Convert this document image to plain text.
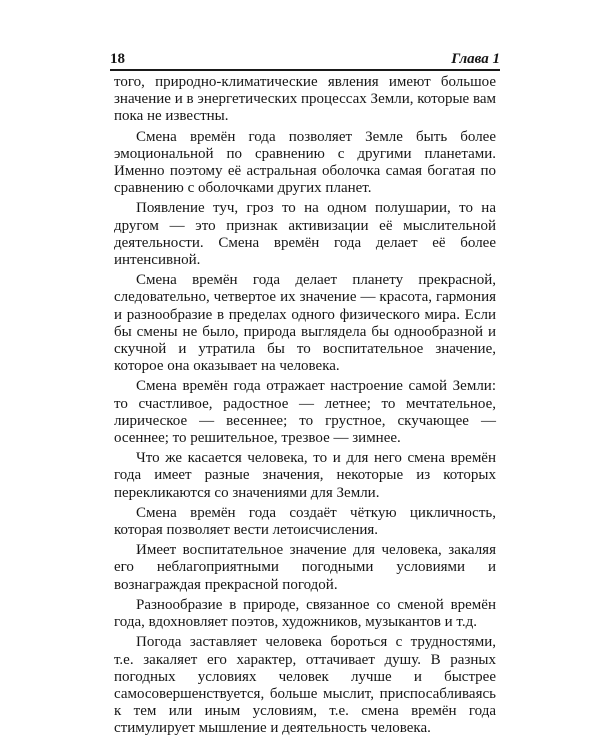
18	Глава 1

того, природно-климатические явления имеют большое значение и в энергетических процессах Земли, которые вам пока не известны.

Смена времён года позволяет Земле быть более эмоциональной по сравнению с другими планетами. Именно поэтому её астральная оболочка самая богатая по сравнению с оболочками других планет.

Появление туч, гроз то на одном полушарии, то на другом — это признак активизации её мыслительной деятельности. Смена времён года делает её более интенсивной.

Смена времён года делает планету прекрасной, следовательно, четвертое их значение — красота, гармония и разнообразие в пределах одного физического мира. Если бы смены не было, природа выглядела бы однообразной и скучной и утратила бы то воспитательное значение, которое она оказывает на человека.

Смена времён года отражает настроение самой Земли: то счастливое, радостное — летнее; то мечтательное, лирическое — весеннее; то грустное, скучающее — осеннее; то решительное, трезвое — зимнее.

Что же касается человека, то и для него смена времён года имеет разные значения, некоторые из которых перекликаются со значениями для Земли.

Смена времён года создаёт чёткую цикличность, которая позволяет вести летоисчисления.

Имеет воспитательное значение для человека, закаляя его неблагоприятными погодными условиями и вознаграждая прекрасной погодой.

Разнообразие в природе, связанное со сменой времён года, вдохновляет поэтов, художников, музыкантов и т.д.

Погода заставляет человека бороться с трудностями, т.е. закаляет его характер, оттачивает душу. В разных погодных условиях человек лучше и быстрее самосовершенствуется, больше мыслит, приспосабливаясь к тем или иным условиям, т.е. смена времён года стимулирует мышление и деятельность человека.
